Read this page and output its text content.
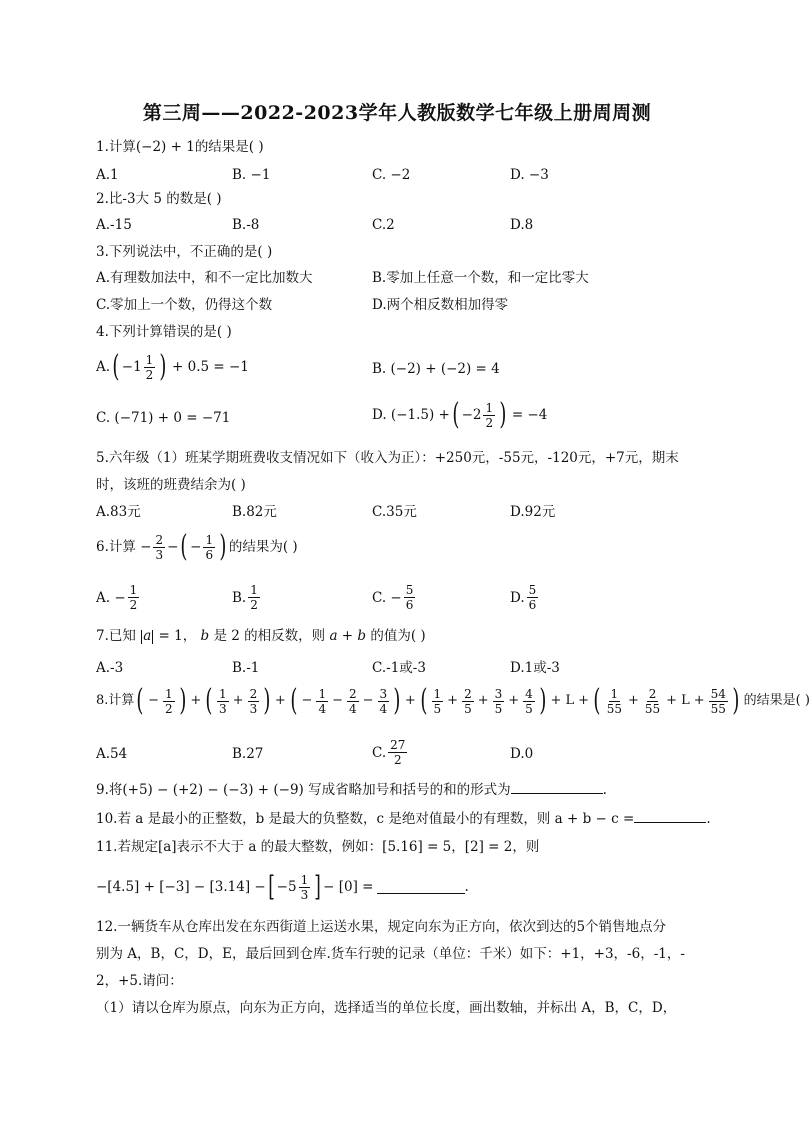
第三周——2022-2023学年人教版数学七年级上册周周测
1.计算(−2) + 1的结果是( )
A.1	B. −1	C. −2	D. −3
2.比-3大 5 的数是( )
A.-15	B.-8	C.2	D.8
3.下列说法中，不正确的是( )
A.有理数加法中，和不一定比加数大	B.零加上任意一个数，和一定比零大
C.零加上一个数，仍得这个数	D.两个相反数相加得零
4.下列计算错误的是( )
A. ( $-1 \frac{1}{2}$ ) + 0.5 = −1	B. (−2) + (−2) = 4
C. (−71) + 0 = −71	D. (−1.5) + ( $-2 \frac{1}{2}$ ) = −4
5.六年级（1）班某学期班费收支情况如下（收入为正）：+250元，-55元，-120元，+7元，期末
时，该班的班费结余为( )
A.83元	B.82元	C.35元	D.92元
6.计算 − $\frac{2}{3}$ − ( − $\frac{1}{6}$ ) 的结果为( )
A. − $\frac{1}{2}$	B. $\frac{1}{2}$	C. − $\frac{5}{6}$	D. $\frac{5}{6}$
7.已知 a = 1， b 是 2 的相反数，则 a + b 的值为( )
A.-3	B.-1	C.-1或-3	D.1或-3
8.计算 ( − $\frac{1}{2}$ ) + ( $\frac{1}{3} + \frac{2}{3}$ ) + ( − $\frac{1}{4} - \frac{2}{4} - \frac{3}{4}$ ) + ( $\frac{1}{5} + \frac{2}{5} + \frac{3}{5} + \frac{4}{5}$ ) + L + ( $\frac{1}{55} + \frac{2}{55} + L + \frac{54}{55}$ ) 的结果是( )
A.54	B.27	C. $\frac{27}{2}$	D.0
9.将(+5) − (+2) − (−3) + (−9) 写成省略加号和括号的和的形式为	.
10.若 a 是最小的正整数，b 是最大的负整数，c 是绝对值最小的有理数，则 a + b − c =	.
11.若规定[a]表示不大于 a 的最大整数，例如：[5.16] = 5，[2] = 2，则
−[4.5] + [−3] − [3.14] − [ $-5 \frac{1}{3}$ ] − [0] =	.
12.一辆货车从仓库出发在东西街道上运送水果，规定向东为正方向，依次到达的5个销售地点分
别为 A，B，C，D，E，最后回到仓库.货车行驶的记录（单位：千米）如下：+1，+3，-6，-1，-
2，+5.请问：
（1）请以仓库为原点，向东为正方向，选择适当的单位长度，画出数轴，并标出 A，B，C，D，
